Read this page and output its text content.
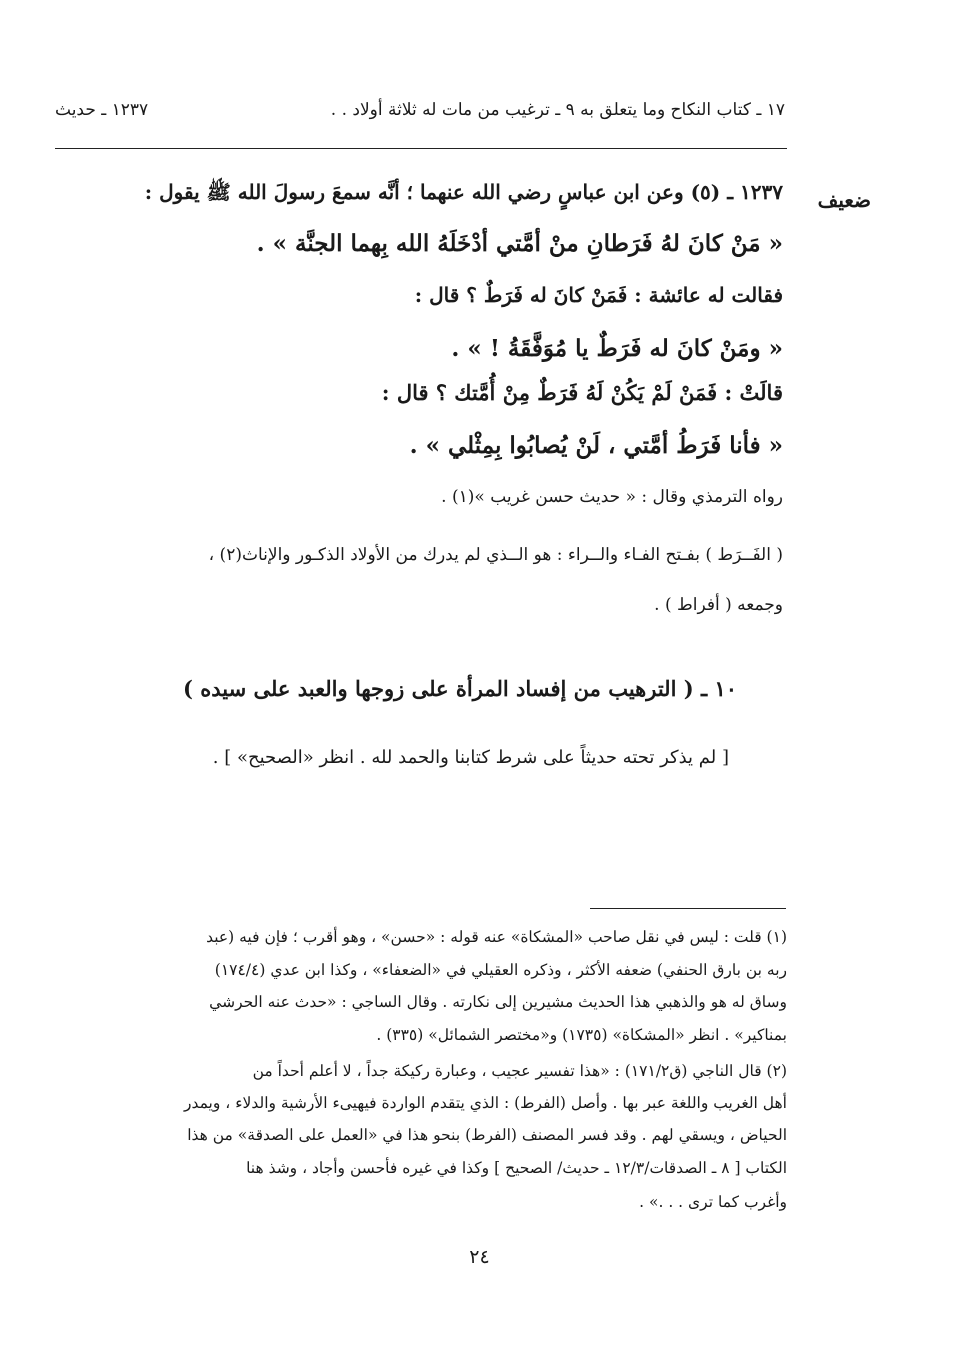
١٧ ـ كتاب النكاح وما يتعلق به ٩ ـ ترغيب من مات له ثلاثة أولاد . .
١٢٣٧ ـ حديث
ضعيف
١٢٣٧ ـ (٥) وعن ابن عباسٍ رضي الله عنهما ؛ أنَّه سمعَ رسولَ الله ﷺ يقول :
« مَنْ كانَ لهُ فَرَطانِ منْ أمَّتي أدْخَلَهُ الله بِهما الجنَّة » .
فقالت له عائشة : فَمَنْ كانَ له فَرَطٌ ؟ قال :
« ومَنْ كانَ له فَرَطٌ يا مُوَفَّقَةُ ! » .
قالَتْ : فَمَنْ لَمْ يَكُنْ لَهُ فَرَطٌ مِنْ أُمَّتك ؟ قال :
« فأنا فَرَطُ أمَّتي ، لَنْ يُصابُوا بِمِثْلي » .
رواه الترمذي وقال : « حديث حسن غريب »(١) .
( الفَــرَط ) بفـتح الفـاء والــراء : هو الــذي لم يدرك من الأولاد الذكـور والإناث(٢) ،
وجمعه ( أفراط ) .
١٠ ـ ( الترهيب من إفساد المرأة على زوجها والعبد على سيده )
[ لم يذكر تحته حديثاً على شرط كتابنا والحمد لله . انظر «الصحيح» ] .
(١) قلت : ليس في نقل صاحب «المشكاة» عنه قوله : «حسن» ، وهو أقرب ؛ فإن فيه (عبد
ربه بن بارق الحنفي) ضعفه الأكثر ، وذكره العقيلي في «الضعفاء» ، وكذا ابن عدي (١٧٤/٤)
وساق له هو والذهبي هذا الحديث مشيرين إلى نكارته . وقال الساجي : «حدث عنه الحرشي
بمناكير» . انظر «المشكاة» (١٧٣٥) و«مختصر الشمائل» (٣٣٥) .
(٢) قال الناجي (ق١٧١/٢) : «هذا تفسير عجيب ، وعبارة ركيكة جداً ، لا أعلم أحداً من
أهل الغريب واللغة عبر بها . وأصل (الفرط) : الذي يتقدم الواردة فيهيىء الأرشية والدلاء ، ويمدر
الحياض ، ويسقي لهم . وقد فسر المصنف (الفرط) بنحو هذا في «العمل على الصدقة» من هذا
الكتاب [ ٨ ـ الصدقات/١٢/٣ ـ حديث/ الصحيح ] وكذا في غيره فأحسن وأجاد ، وشذ هنا
وأغرب كما ترى . . .» .
٢٤
